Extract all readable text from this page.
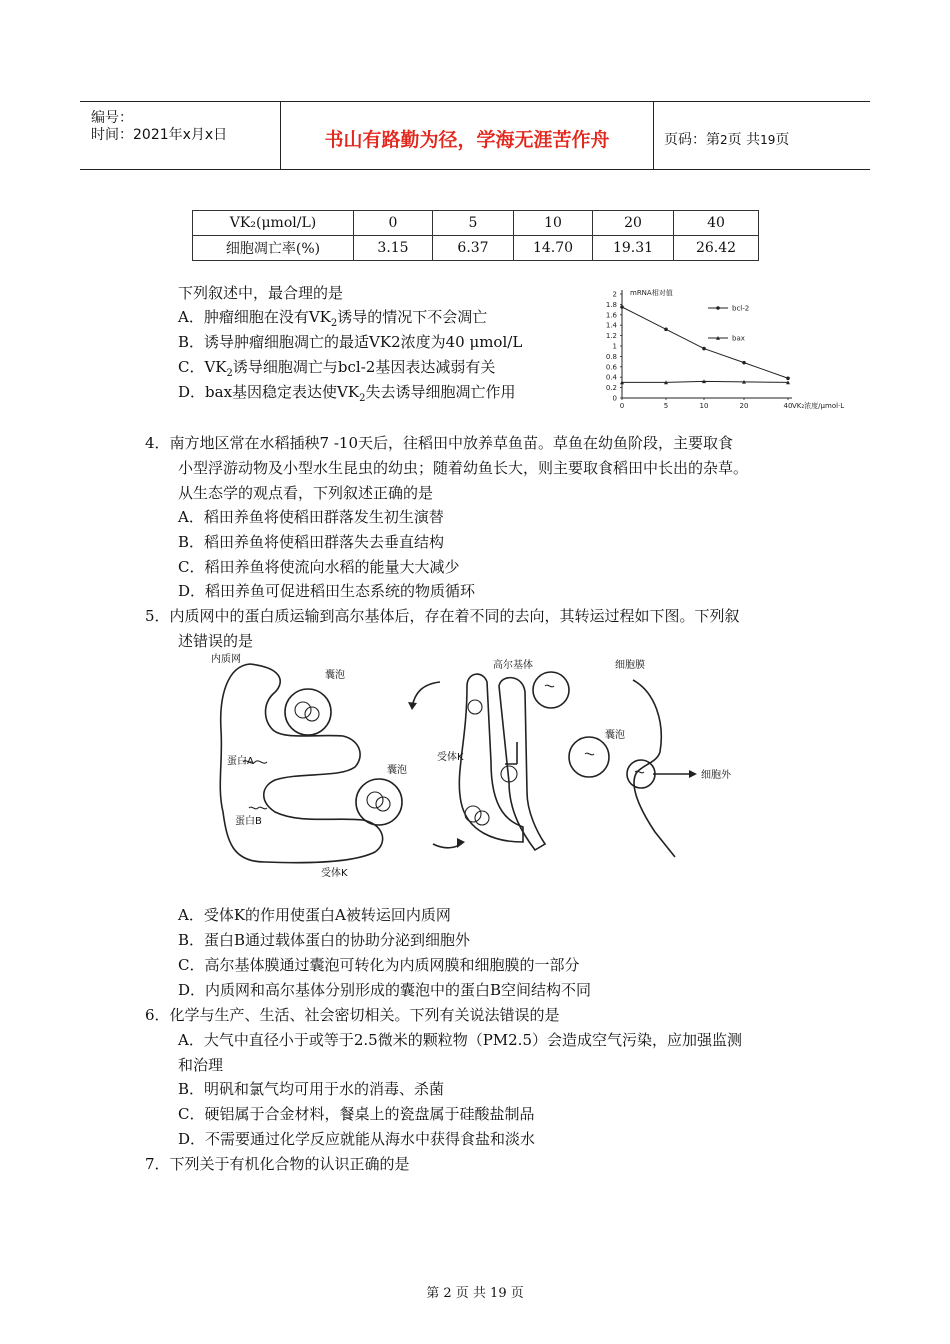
编号：
时间：2021年x月x日	书山有路勤为径，学海无涯苦作舟	页码：第2页 共19页
VK₂(μmol/L)	0	5	10	20	40
细胞凋亡率(%)	3.15	6.37	14.70	19.31	26.42
下列叙述中，最合理的是
A．肿瘤细胞在没有$VK_2$诱导的情况下不会凋亡
B．诱导肿瘤细胞凋亡的最适VK2浓度为40 μmol/L
C．$VK_2$诱导细胞凋亡与bcl-2基因表达减弱有关
D．bax基因稳定表达使$VK_2$失去诱导细胞凋亡作用	0
0.2
0.4
0.6
0.8
1
1.2
1.4
1.6
1.8
2
0	5	10	20	40
mRNA相对值
VK₂浓度/μmol·L
bcl-2
bax
4．南方地区常在水稻插秧7 -10天后，往稻田中放养草鱼苗。草鱼在幼鱼阶段，主要取食
小型浮游动物及小型水生昆虫的幼虫；随着幼鱼长大，则主要取食稻田中长出的杂草。
从生态学的观点看，下列叙述正确的是
A．稻田养鱼将使稻田群落发生初生演替
B．稻田养鱼将使稻田群落失去垂直结构
C．稻田养鱼将使流向水稻的能量大大减少
D．稻田养鱼可促进稻田生态系统的物质循环
5．内质网中的蛋白质运输到高尔基体后，存在着不同的去向，其转运过程如下图。下列叙
述错误的是
内质网
囊泡
囊泡
蛋白A
蛋白B
受体K
受体K
高尔基体	细胞膜
囊泡
细胞外
A．受体K的作用使蛋白A被转运回内质网
B．蛋白B通过载体蛋白的协助分泌到细胞外
C．高尔基体膜通过囊泡可转化为内质网膜和细胞膜的一部分
D．内质网和高尔基体分别形成的囊泡中的蛋白B空间结构不同
6．化学与生产、生活、社会密切相关。下列有关说法错误的是
A．大气中直径小于或等于2.5微米的颗粒物（PM2.5）会造成空气污染，应加强监测
和治理
B．明矾和氯气均可用于水的消毒、杀菌
C．硬铝属于合金材料，餐桌上的瓷盘属于硅酸盐制品
D．不需要通过化学反应就能从海水中获得食盐和淡水
7．下列关于有机化合物的认识正确的是
第 2 页 共 19 页
